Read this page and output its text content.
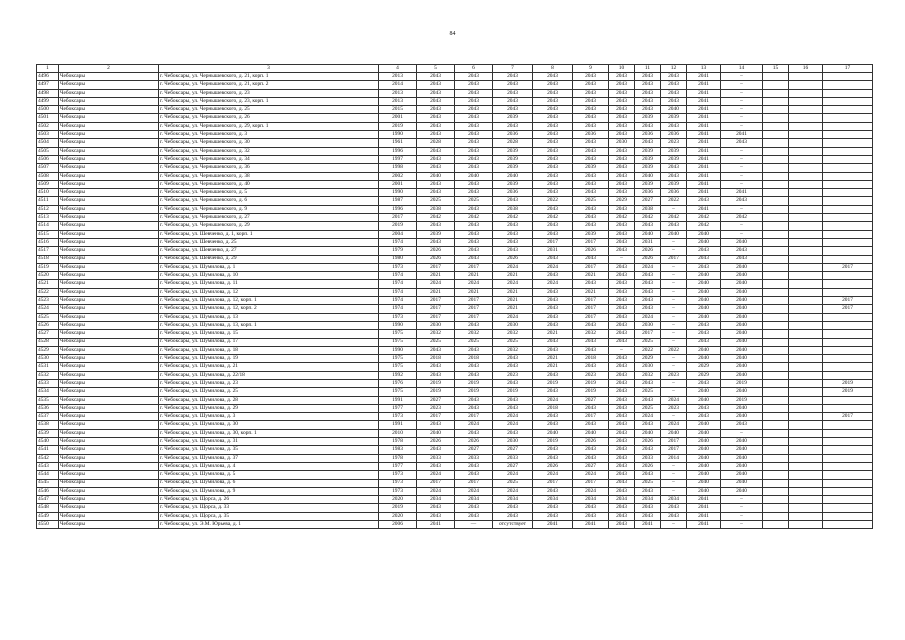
84
1	2	3	4	5	6	7	8	9	10	11	12	13	14	15	16	17
4496	Чебоксары	г. Чебоксары, ул. Чернышевского, д. 21, корп. 1	2013	2043	2043	2043	2043	2043	2043	2043	2043	2041	–			
4497	Чебоксары	г. Чебоксары, ул. Чернышевского, д. 21, корп. 2	2014	2043	2043	2043	2043	2043	2043	2043	2043	2041	–			
4498	Чебоксары	г. Чебоксары, ул. Чернышевского, д. 23	2013	2043	2043	2043	2043	2043	2043	2043	2043	2041	–			
4499	Чебоксары	г. Чебоксары, ул. Чернышевского, д. 23, корп. 1	2013	2043	2043	2043	2043	2043	2043	2043	2043	2041	–			
4500	Чебоксары	г. Чебоксары, ул. Чернышевского, д. 25	2015	2043	2043	2043	2043	2043	2043	2043	2040	2041	–			
4501	Чебоксары	г. Чебоксары, ул. Чернышевского, д. 26	2001	2043	2043	2039	2043	2043	2043	2039	2039	2041	–			
4502	Чебоксары	г. Чебоксары, ул. Чернышевского, д. 29, корп. 1	2019	2043	2043	2043	2043	2043	2043	2043	2043	2041	–			
4503	Чебоксары	г. Чебоксары, ул. Чернышевского, д. 3	1990	2043	2043	2036	2043	2036	2043	2036	2036	2041	2041			
4504	Чебоксары	г. Чебоксары, ул. Чернышевского, д. 30	1961	2028	2043	2028	2043	2043	2030	2043	2023	2041	2043			
4505	Чебоксары	г. Чебоксары, ул. Чернышевского, д. 32	1996	2043	2043	2039	2043	2043	2043	2039	2039	2041	–			
4506	Чебоксары	г. Чебоксары, ул. Чернышевского, д. 34	1997	2043	2043	2039	2043	2043	2043	2039	2039	2041	–			
4507	Чебоксары	г. Чебоксары, ул. Чернышевского, д. 36	1998	2043	2043	2039	2043	2039	2043	2039	2043	2041	–			
4508	Чебоксары	г. Чебоксары, ул. Чернышевского, д. 38	2002	2040	2040	2040	2043	2043	2043	2040	2043	2041	–			
4509	Чебоксары	г. Чебоксары, ул. Чернышевского, д. 40	2001	2043	2043	2039	2043	2043	2043	2039	2039	2041	–			
4510	Чебоксары	г. Чебоксары, ул. Чернышевского, д. 5	1990	2043	2043	2036	2043	2043	2043	2036	2036	2041	2041			
4511	Чебоксары	г. Чебоксары, ул. Чернышевского, д. 6	1987	2025	2025	2043	2022	2025	2029	2027	2022	2043	2043			
4512	Чебоксары	г. Чебоксары, ул. Чернышевского, д. 9	1996	2038	2043	2038	2043	2043	2043	2038	–	2041	–			
4513	Чебоксары	г. Чебоксары, ул. Чернышевского, д. 27	2017	2042	2042	2042	2042	2043	2042	2042	2042	2042	2042			
4514	Чебоксары	г. Чебоксары, ул. Чернышевского, д. 29	2019	2043	2043	2043	2043	2043	2043	2043	2043	2042	–			
4515	Чебоксары	г. Чебоксары, ул. Шевченко, д. 1, корп. 1	2004	2039	2043	2043	2043	2039	2043	2040	2040	2040	–			
4516	Чебоксары	г. Чебоксары, ул. Шевченко, д. 25	1974	2043	2043	2043	2017	2017	2043	2031	–	2040	2040			
4517	Чебоксары	г. Чебоксары, ул. Шевченко, д. 27	1979	2026	2043	2043	2031	2026	2043	2026	–	2043	2043			
4518	Чебоксары	г. Чебоксары, ул. Шевченко, д. 29	1980	2026	2043	2026	2043	2043	–	2026	2017	2043	2043			
4519	Чебоксары	г. Чебоксары, ул. Шумилова, д. 1	1973	2017	2017	2024	2024	2017	2043	2024	–	2043	2040			2017
4520	Чебоксары	г. Чебоксары, ул. Шумилова, д. 10	1974	2021	2021	2021	2043	2021	2043	2043	–	2040	2040			
4521	Чебоксары	г. Чебоксары, ул. Шумилова, д. 11	1974	2024	2024	2024	2024	2043	2043	2043	–	2040	2040			
4522	Чебоксары	г. Чебоксары, ул. Шумилова, д. 12	1974	2021	2021	2021	2043	2021	2043	2043	–	2040	2040			
4523	Чебоксары	г. Чебоксары, ул. Шумилова, д. 12, корп. 1	1974	2017	2017	2021	2043	2017	2043	2043	–	2040	2040			2017
4524	Чебоксары	г. Чебоксары, ул. Шумилова, д. 12, корп. 2	1974	2017	2017	2021	2043	2017	2043	2043	–	2040	2040			2017
4525	Чебоксары	г. Чебоксары, ул. Шумилова, д. 13	1973	2017	2017	2024	2043	2017	2043	2024	–	2040	2040			
4526	Чебоксары	г. Чебоксары, ул. Шумилова, д. 13, корп. 1	1990	2030	2043	2030	2043	2043	2043	2030	–	2043	2040			
4527	Чебоксары	г. Чебоксары, ул. Шумилова, д. 15	1975	2032	2032	2032	2021	2032	2043	2017	–	2043	2040			
4528	Чебоксары	г. Чебоксары, ул. Шумилова, д. 17	1975	2025	2025	2025	2043	2043	2043	2025	–	2043	2040			
4529	Чебоксары	г. Чебоксары, ул. Шумилова, д. 18	1990	2043	2043	2032	2043	2043	–	2022	2022	2040	2040			
4530	Чебоксары	г. Чебоксары, ул. Шумилова, д. 19	1975	2018	2018	2043	2021	2018	2043	2029	–	2040	2040			
4531	Чебоксары	г. Чебоксары, ул. Шумилова, д. 21	1975	2043	2043	2043	2021	2043	2043	2030	–	2029	2040			
4532	Чебоксары	г. Чебоксары, ул. Шумилова, д. 22/18	1992	2043	2043	2023	2043	2023	2043	2032	2023	2029	2040			
4533	Чебоксары	г. Чебоксары, ул. Шумилова, д. 23	1976	2019	2019	2043	2019	2019	2043	2043	–	2043	2019			2019
4534	Чебоксары	г. Чебоксары, ул. Шумилова, д. 25	1975	2019	2019	2019	2043	2019	2043	2025	–	2040	2040			2019
4535	Чебоксары	г. Чебоксары, ул. Шумилова, д. 28	1991	2027	2043	2043	2024	2027	2043	2043	2024	2040	2019			
4536	Чебоксары	г. Чебоксары, ул. Шумилова, д. 29	1977	2023	2043	2043	2018	2043	2043	2025	2023	2043	2040			
4537	Чебоксары	г. Чебоксары, ул. Шумилова, д. 3	1973	2017	2017	2024	2043	2017	2043	2024	–	2043	2040			2017
4538	Чебоксары	г. Чебоксары, ул. Шумилова, д. 30	1991	2043	2024	2024	2043	2043	2043	2043	2024	2040	2043			
4539	Чебоксары	г. Чебоксары, ул. Шумилова, д. 30, корп. 1	2010	2040	2043	2043	2040	2040	2043	2040	2040	2040	–			
4540	Чебоксары	г. Чебоксары, ул. Шумилова, д. 31	1978	2026	2026	2030	2019	2026	2043	2026	2017	2040	2040			
4541	Чебоксары	г. Чебоксары, ул. Шумилова, д. 35	1983	2043	2027	2027	2043	2043	2043	2043	2017	2040	2040			
4542	Чебоксары	г. Чебоксары, ул. Шумилова, д. 37	1978	2033	2033	2033	2043	2043	2043	2033	2014	2040	2040			
4543	Чебоксары	г. Чебоксары, ул. Шумилова, д. 4	1977	2043	2043	2027	2026	2027	2043	2026	–	2040	2040			
4544	Чебоксары	г. Чебоксары, ул. Шумилова, д. 5	1973	2024	2043	2024	2024	2024	2043	2043	–	2040	2040			
4545	Чебоксары	г. Чебоксары, ул. Шумилова, д. 6	1973	2017	2017	2025	2017	2017	2043	2025	–	2040	2040			
4546	Чебоксары	г. Чебоксары, ул. Шумилова, д. 9	1973	2024	2024	2024	2043	2024	2043	2043	–	2040	2040			
4547	Чебоксары	г. Чебоксары, ул. Щорса, д. 26	2020	2034	2034	2034	2034	2034	2034	2034	2034	2041	–			
4548	Чебоксары	г. Чебоксары, ул. Щорса, д. 33	2019	2043	2043	2043	2043	2043	2043	2043	2043	2041	–			
4549	Чебоксары	г. Чебоксары, ул. Щорса, д. 35	2020	2043	2043	2043	2043	2043	2043	2043	2043	2041	–			
4550	Чебоксары	г. Чебоксары, ул. Э.М. Юрьева, д. 1	2006	2041	—	отсутствует	2041	2041	2043	2041	–	2041	–			
